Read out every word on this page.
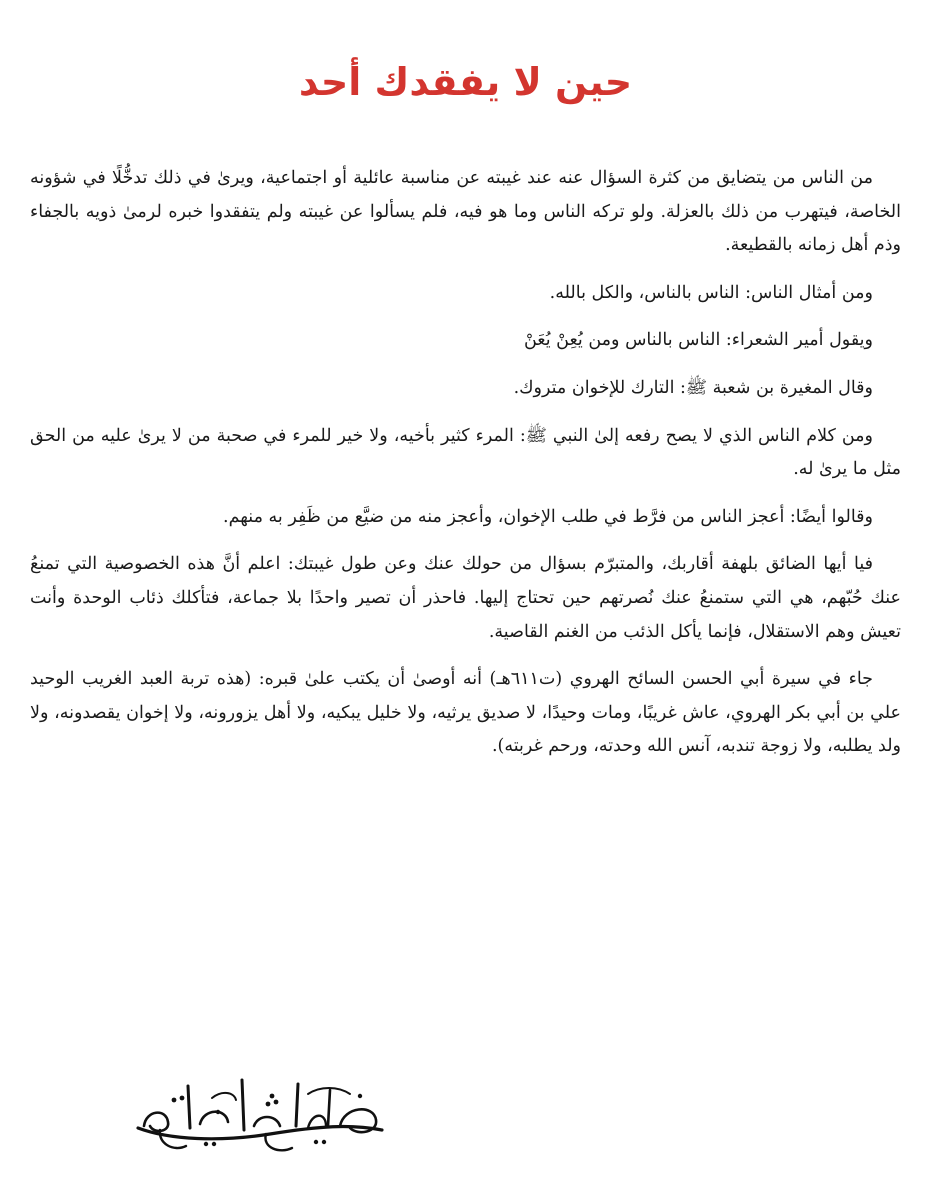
حين لا يفقدك أحد

من الناس من يتضايق من كثرة السؤال عنه عند غيبته عن مناسبة عائلية أو اجتماعية، ويرىٰ في ذلك تدخُّلًا في شؤونه الخاصة، فيتهرب من ذلك بالعزلة. ولو تركه الناس وما هو فيه، فلم يسألوا عن غيبته ولم يتفقدوا خبره لرمىٰ ذويه بالجفاء وذم أهل زمانه بالقطيعة.

ومن أمثال الناس: الناس بالناس، والكل بالله.

ويقول أمير الشعراء: الناس بالناس ومن يُعِنْ يُعَنْ

وقال المغيرة بن شعبة ﷺ: التارك للإخوان متروك.

ومن كلام الناس الذي لا يصح رفعه إلىٰ النبي ﷺ: المرء كثير بأخيه، ولا خير للمرء في صحبة من لا يرىٰ عليه من الحق مثل ما يرىٰ له.

وقالوا أيضًا: أعجز الناس من فرَّط في طلب الإخوان، وأعجز منه من ضيَّع من ظَفِر به منهم.

فيا أيها الضائق بلهفة أقاربك، والمتبرّم بسؤال من حولك عنك وعن طول غيبتك: اعلم أنَّ هذه الخصوصية التي تمنعُ عنك حُبّهم، هي التي ستمنعُ عنك نُصرتهم حين تحتاج إليها. فاحذر أن تصير واحدًا بلا جماعة، فتأكلك ذئاب الوحدة وأنت تعيش وهم الاستقلال، فإنما يأكل الذئب من الغنم القاصية.

جاء في سيرة أبي الحسن السائح الهروي (ت٦١١هـ) أنه أوصىٰ أن يكتب علىٰ قبره: (هذه تربة العبد الغريب الوحيد علي بن أبي بكر الهروي، عاش غريبًا، ومات وحيدًا، لا صديق يرثيه، ولا خليل يبكيه، ولا أهل يزورونه، ولا إخوان يقصدونه، ولا ولد يطلبه، ولا زوجة تندبه، آنس الله وحدته، ورحم غربته).
